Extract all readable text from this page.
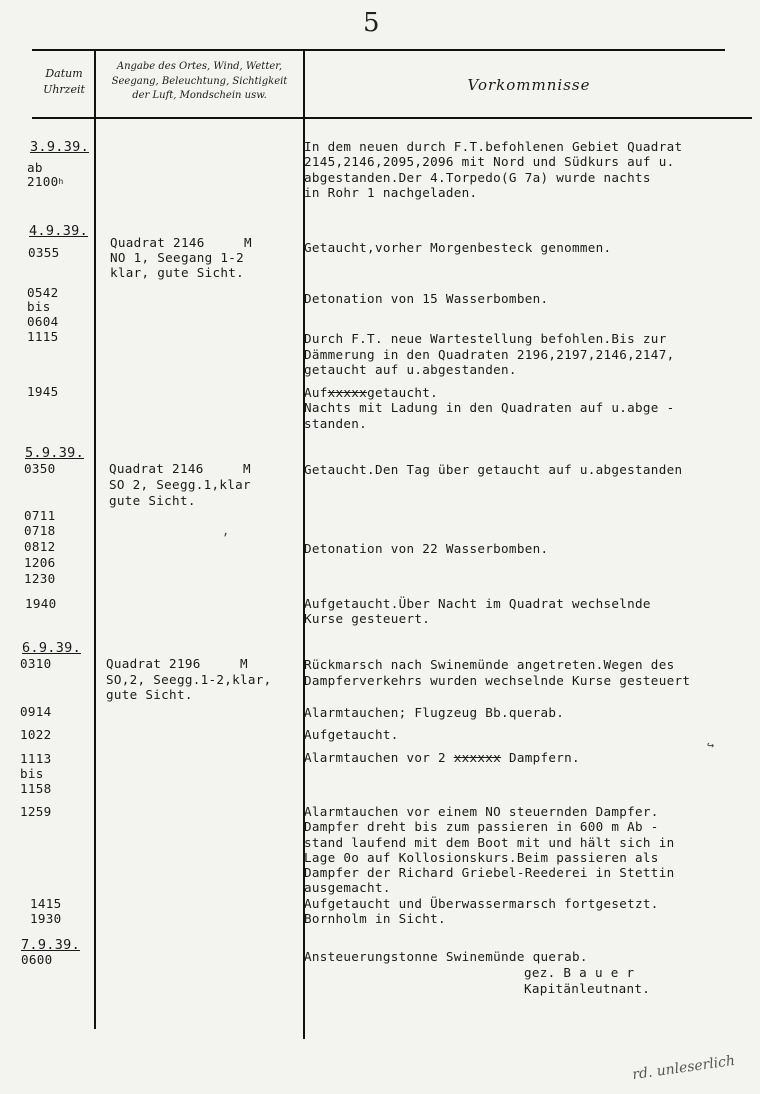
5
Datum
Uhrzeit
Angabe des Ortes, Wind, Wetter,
Seegang, Beleuchtung, Sichtigkeit
der Luft, Mondschein usw.
Vorkommnisse
3.9.39.
ab
2100$^h$
4.9.39.
0355
0542
bis
0604
1115
1945
5.9.39.
0350
0711
0718
0812
1206
1230
1940
6.9.39.
0310
0914
1022
1113
bis
1158
1259
1415
1930
7.9.39.
0600
Quadrat 2146     M
NO 1, Seegang 1-2
klar, gute Sicht.
Quadrat 2146     M
SO 2, Seegg.1,klar
gute Sicht.
Quadrat 2196     M
SO,2, Seegg.1-2,klar,
gute Sicht.
In dem neuen durch F.T.befohlenen Gebiet Quadrat
2145,2146,2095,2096 mit Nord und Südkurs auf u.
abgestanden.Der 4.Torpedo(G 7a) wurde nachts
in Rohr 1 nachgeladen.
Getaucht,vorher Morgenbesteck genommen.
Detonation von 15 Wasserbomben.
Durch F.T. neue Wartestellung befohlen.Bis zur
Dämmerung in den Quadraten 2196,2197,2146,2147,
getaucht auf u.abgestanden.
Aufxxxxxgetaucht.
Nachts mit Ladung in den Quadraten auf u.abge -
standen.
Getaucht.Den Tag über getaucht auf u.abgestanden
Detonation von 22 Wasserbomben.
Aufgetaucht.Über Nacht im Quadrat wechselnde
Kurse gesteuert.
Rückmarsch nach Swinemünde angetreten.Wegen des
Dampferverkehrs wurden wechselnde Kurse gesteuert
Alarmtauchen; Flugzeug Bb.querab.
Aufgetaucht.
Alarmtauchen vor 2 xxxxxx Dampfern.
Alarmtauchen vor einem NO steuernden Dampfer.
Dampfer dreht bis zum passieren in 600 m Ab -
stand laufend mit dem Boot mit und hält sich in
Lage 0o auf Kollosionskurs.Beim passieren als
Dampfer der Richard Griebel-Reederei in Stettin
ausgemacht.
Aufgetaucht und Überwassermarsch fortgesetzt.
Bornholm in Sicht.
Ansteuerungstonne Swinemünde querab.
gez. B a u e r
Kapitänleutnant.
rd. unleserlich
↪
,
